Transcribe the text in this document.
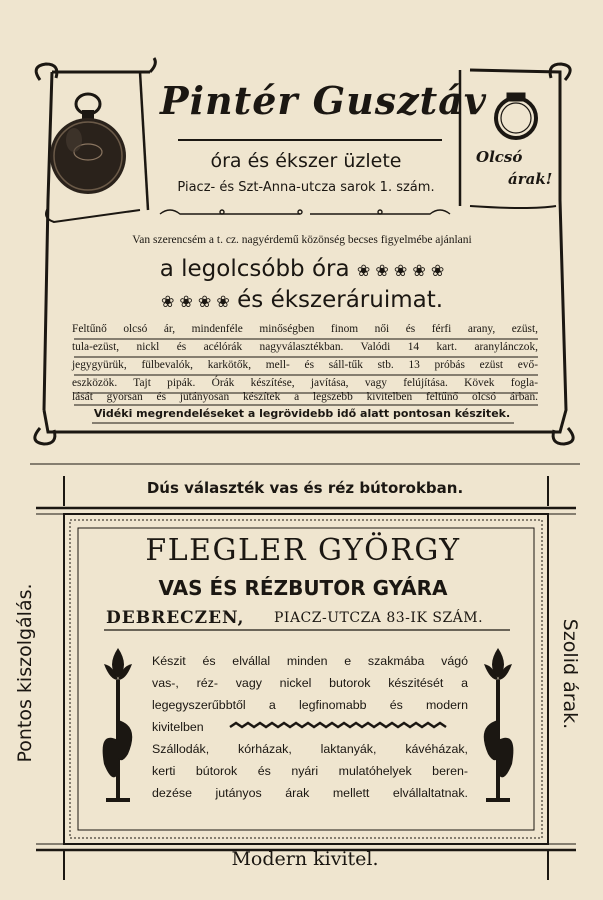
Pintér Gusztáv
óra és ékszer üzlete
Piacz- és Szt-Anna-utcza sarok 1. szám.
Olcsó
árak!
Van szerencsém a t. cz. nagyérdemű közönség becses figyelmébe ajánlani
a legolcsóbb óra ❀ ❀ ❀ ❀ ❀
❀ ❀ ❀ ❀ és ékszeráruimat.
Feltűnő olcsó ár, mindenféle minőségben finom női és férfi arany, ezüst,
tula-ezüst, nickl és acélórák nagyválasztékban. Valódi 14 kart. aranylánczok,
jegygyürük, fülbevalók, karkötők, mell- és sáll-tűk stb. 13 próbás ezüst evő-
eszközök. Tajt pipák. Órák készítése, javítása, vagy felújítása. Kövek fogla-
lását gyorsan és jutányosan készítek a legszebb kivitelben feltűnő olcsó árban.
Vidéki megrendeléseket a legrövidebb idő alatt pontosan készitek.
Dús választék vas és réz bútorokban.
FLEGLER GYÖRGY
VAS ÉS RÉZBUTOR GYÁRA
DEBRECZEN, PIACZ-UTCZA 83-IK SZÁM.
Készit és elvállal minden e szakmába vágó
vas-, réz- vagy nickel butorok készitését a
legegyszerűbbtől a legfinomabb és modern
kivitelben
Szállodák, kórházak, laktanyák, kávéházak,
kerti bútorok és nyári mulatóhelyek beren-
dezése jutányos árak mellett elvállaltatnak.
Pontos kiszolgálás.	Szolid árak.
Modern kivitel.
